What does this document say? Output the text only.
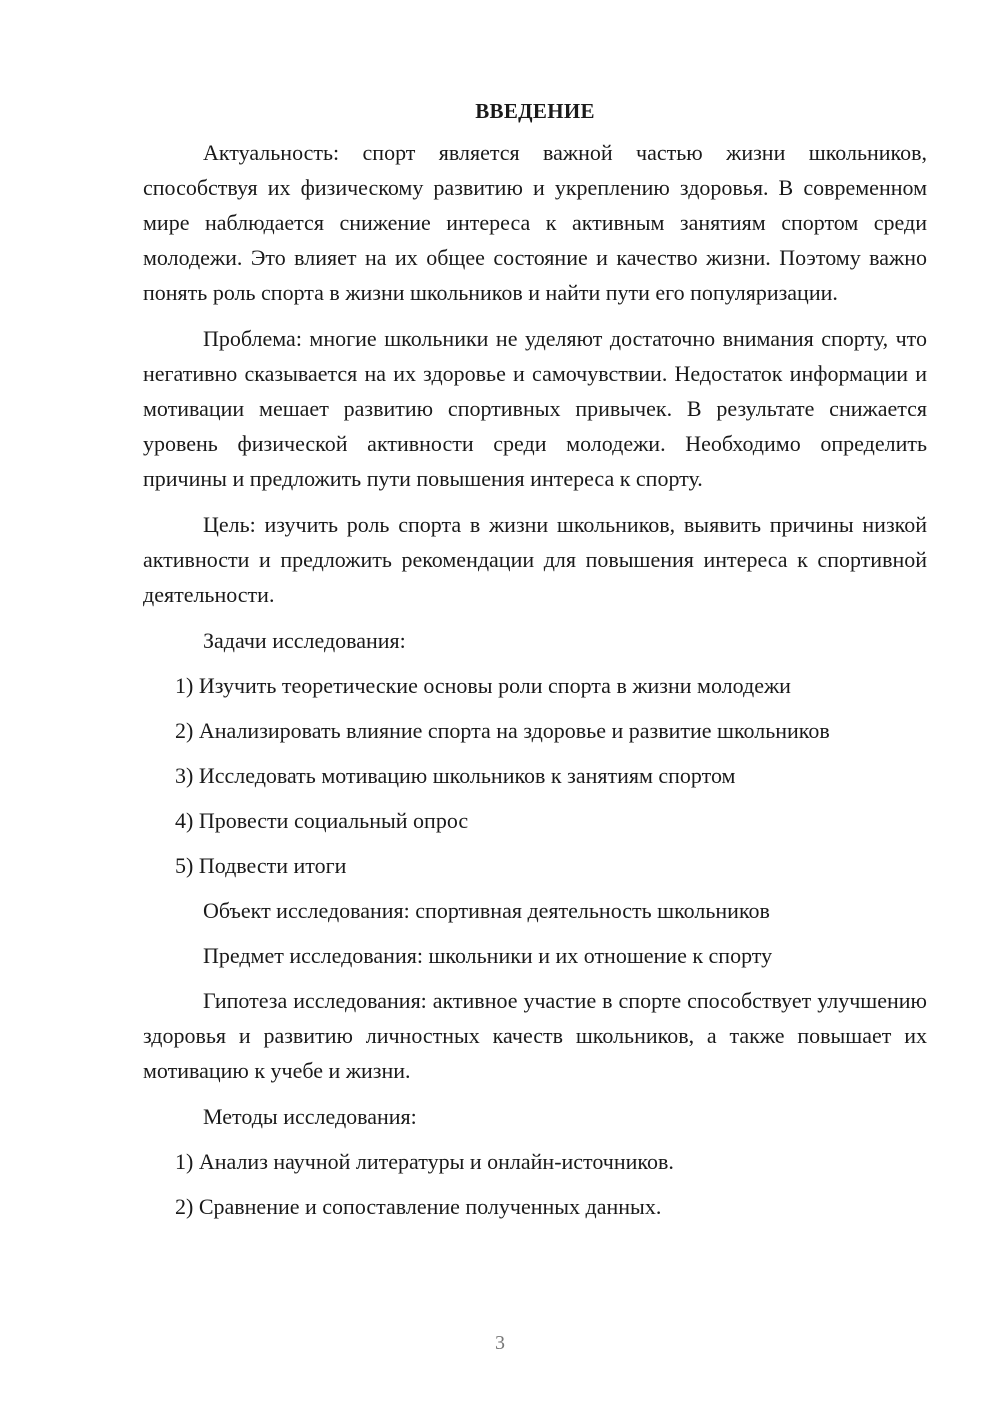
ВВЕДЕНИЕ

Актуальность: спорт является важной частью жизни школьников, способствуя их физическому развитию и укреплению здоровья. В современном мире наблюдается снижение интереса к активным занятиям спортом среди молодежи. Это влияет на их общее состояние и качество жизни. Поэтому важно понять роль спорта в жизни школьников и найти пути его популяризации.

Проблема: многие школьники не уделяют достаточно внимания спорту, что негативно сказывается на их здоровье и самочувствии. Недостаток информации и мотивации мешает развитию спортивных привычек. В результате снижается уровень физической активности среди молодежи. Необходимо определить причины и предложить пути повышения интереса к спорту.

Цель: изучить роль спорта в жизни школьников, выявить причины низкой активности и предложить рекомендации для повышения интереса к спортивной деятельности.

Задачи исследования:
1) Изучить теоретические основы роли спорта в жизни молодежи
2) Анализировать влияние спорта на здоровье и развитие школьников
3) Исследовать мотивацию школьников к занятиям спортом
4) Провести социальный опрос
5) Подвести итоги
Объект исследования: спортивная деятельность школьников
Предмет исследования: школьники и их отношение к спорту

Гипотеза исследования: активное участие в спорте способствует улучшению здоровья и развитию личностных качеств школьников, а также повышает их мотивацию к учебе и жизни.

Методы исследования:
1) Анализ научной литературы и онлайн-источников.
2) Сравнение и сопоставление полученных данных.
3
